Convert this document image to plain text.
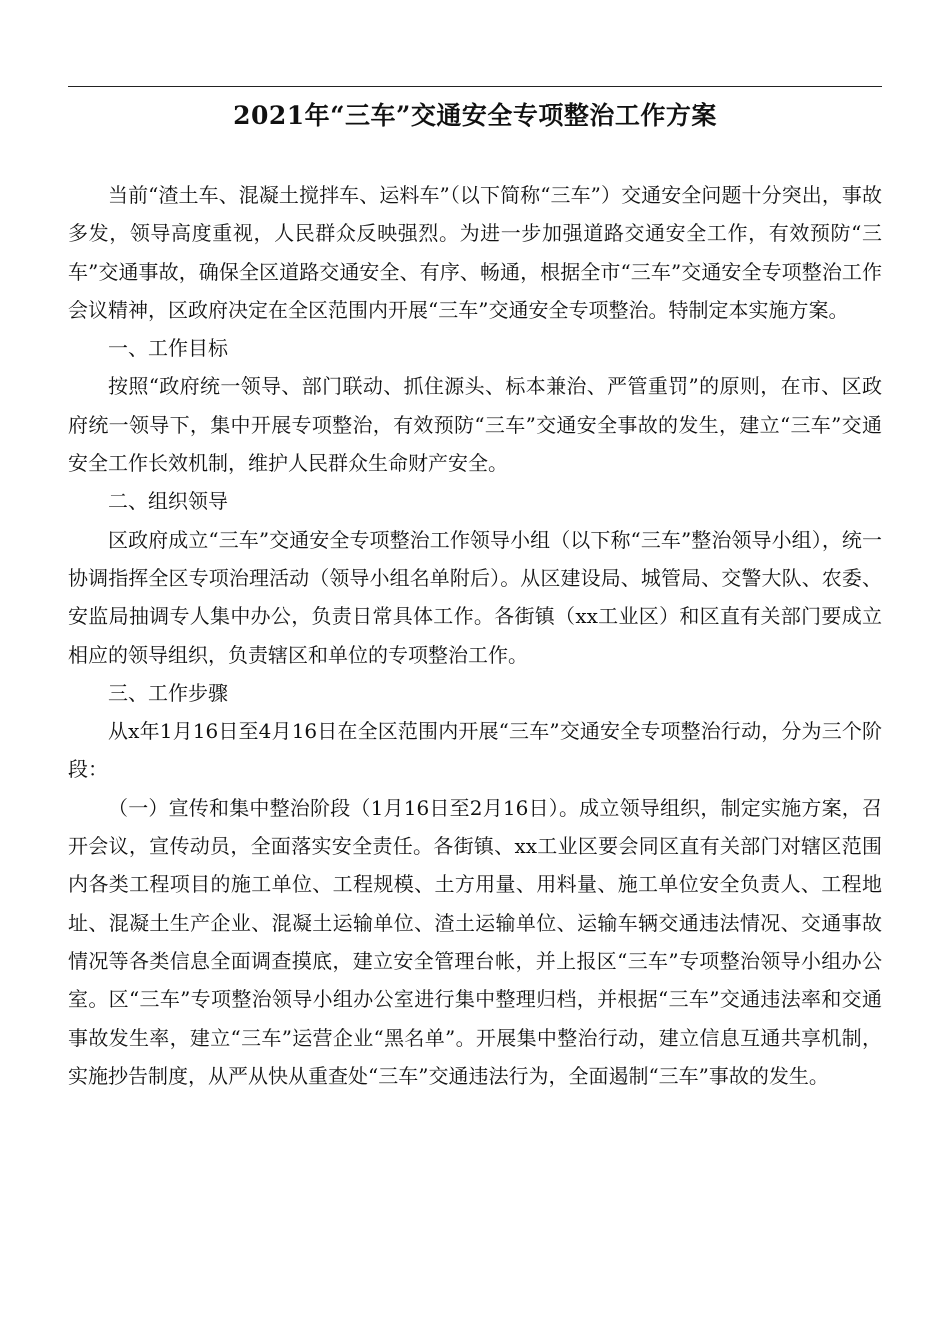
2021年“三车”交通安全专项整治工作方案

当前“渣土车、混凝土搅拌车、运料车”（以下简称“三车”）交通安全问题十分突出，事故多发，领导高度重视，人民群众反映强烈。为进一步加强道路交通安全工作，有效预防“三车”交通事故，确保全区道路交通安全、有序、畅通，根据全市“三车”交通安全专项整治工作会议精神，区政府决定在全区范围内开展“三车”交通安全专项整治。特制定本实施方案。

一、工作目标

按照“政府统一领导、部门联动、抓住源头、标本兼治、严管重罚”的原则，在市、区政府统一领导下，集中开展专项整治，有效预防“三车”交通安全事故的发生，建立“三车”交通安全工作长效机制，维护人民群众生命财产安全。

二、组织领导

区政府成立“三车”交通安全专项整治工作领导小组（以下称“三车”整治领导小组），统一协调指挥全区专项治理活动（领导小组名单附后）。从区建设局、城管局、交警大队、农委、安监局抽调专人集中办公，负责日常具体工作。各街镇（xx工业区）和区直有关部门要成立相应的领导组织，负责辖区和单位的专项整治工作。

三、工作步骤

从x年1月16日至4月16日在全区范围内开展“三车”交通安全专项整治行动，分为三个阶段：

（一）宣传和集中整治阶段（1月16日至2月16日）。成立领导组织，制定实施方案，召开会议，宣传动员，全面落实安全责任。各街镇、xx工业区要会同区直有关部门对辖区范围内各类工程项目的施工单位、工程规模、土方用量、用料量、施工单位安全负责人、工程地址、混凝土生产企业、混凝土运输单位、渣土运输单位、运输车辆交通违法情况、交通事故情况等各类信息全面调查摸底，建立安全管理台帐，并上报区“三车”专项整治领导小组办公室。区“三车”专项整治领导小组办公室进行集中整理归档，并根据“三车”交通违法率和交通事故发生率，建立“三车”运营企业“黑名单”。开展集中整治行动，建立信息互通共享机制，实施抄告制度，从严从快从重查处“三车”交通违法行为，全面遏制“三车”事故的发生。
